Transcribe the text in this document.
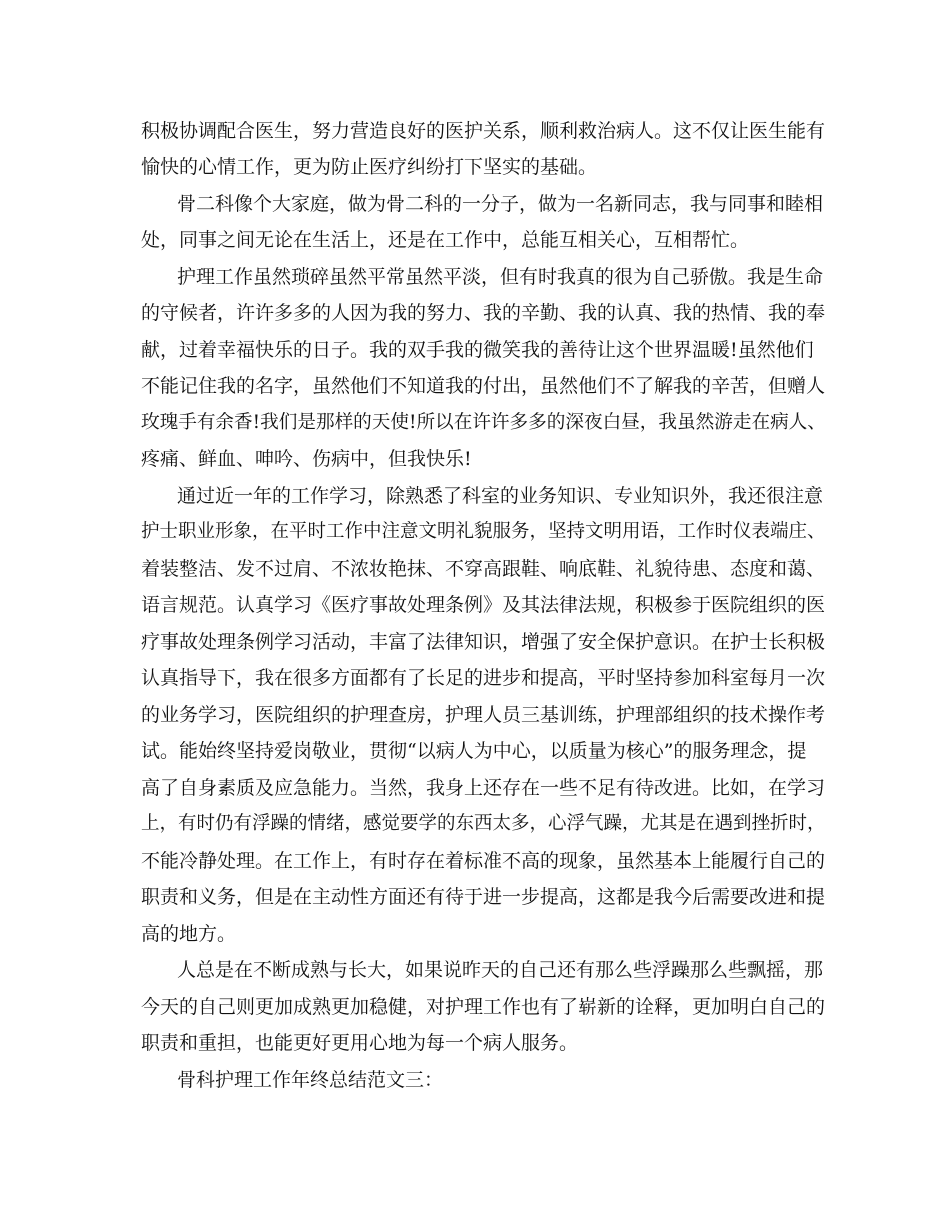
积极协调配合医生，努力营造良好的医护关系，顺利救治病人。这不仅让医生能有

愉快的心情工作，更为防止医疗纠纷打下坚实的基础。

骨二科像个大家庭，做为骨二科的一分子，做为一名新同志，我与同事和睦相

处，同事之间无论在生活上，还是在工作中，总能互相关心，互相帮忙。

护理工作虽然琐碎虽然平常虽然平淡，但有时我真的很为自己骄傲。我是生命

的守候者，许许多多的人因为我的努力、我的辛勤、我的认真、我的热情、我的奉

献，过着幸福快乐的日子。我的双手我的微笑我的善待让这个世界温暖!虽然他们

不能记住我的名字，虽然他们不知道我的付出，虽然他们不了解我的辛苦，但赠人

玫瑰手有余香!我们是那样的天使!所以在许许多多的深夜白昼，我虽然游走在病人、

疼痛、鲜血、呻吟、伤病中，但我快乐!

通过近一年的工作学习，除熟悉了科室的业务知识、专业知识外，我还很注意

护士职业形象，在平时工作中注意文明礼貌服务，坚持文明用语，工作时仪表端庄、

着装整洁、发不过肩、不浓妆艳抹、不穿高跟鞋、响底鞋、礼貌待患、态度和蔼、

语言规范。认真学习《医疗事故处理条例》及其法律法规，积极参于医院组织的医

疗事故处理条例学习活动，丰富了法律知识，增强了安全保护意识。在护士长积极

认真指导下，我在很多方面都有了长足的进步和提高，平时坚持参加科室每月一次

的业务学习，医院组织的护理查房，护理人员三基训练，护理部组织的技术操作考

试。能始终坚持爱岗敬业，贯彻“以病人为中心，以质量为核心”的服务理念，提

高了自身素质及应急能力。当然，我身上还存在一些不足有待改进。比如，在学习

上，有时仍有浮躁的情绪，感觉要学的东西太多，心浮气躁，尤其是在遇到挫折时，

不能冷静处理。在工作上，有时存在着标准不高的现象，虽然基本上能履行自己的

职责和义务，但是在主动性方面还有待于进一步提高，这都是我今后需要改进和提

高的地方。

人总是在不断成熟与长大，如果说昨天的自己还有那么些浮躁那么些飘摇，那

今天的自己则更加成熟更加稳健，对护理工作也有了崭新的诠释，更加明白自己的

职责和重担，也能更好更用心地为每一个病人服务。

骨科护理工作年终总结范文三：
